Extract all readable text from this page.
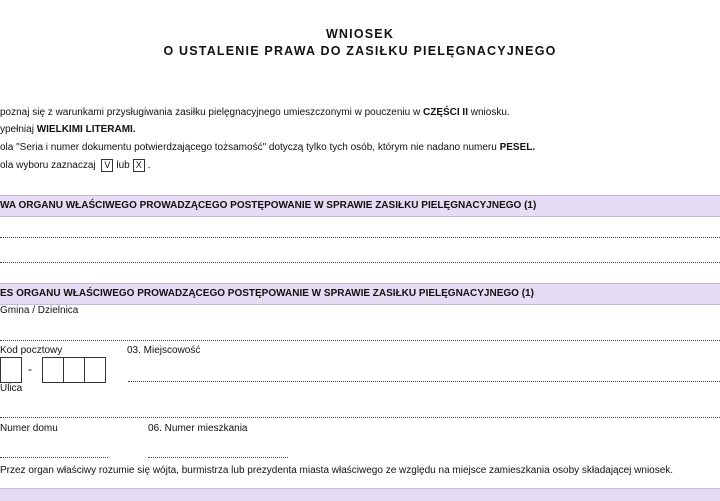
WNIOSEK
O USTALENIE PRAWA DO ZASIŁKU PIELĘGNACYJNEGO
poznaj się z warunkami przysługiwania zasiłku pielęgnacyjnego umieszczonymi w pouczeniu w CZĘŚCI II wniosku.
ypełniaj WIELKIMI LITERAMI.
ola "Seria i numer dokumentu potwierdzającego tożsamość" dotyczą tylko tych osób, którym nie nadano numeru PESEL.
ola wyboru zaznaczaj V lub X .
WA ORGANU WŁAŚCIWEGO PROWADZĄCEGO POSTĘPOWANIE W SPRAWIE ZASIŁKU PIELĘGNACYJNEGO (1)
ES ORGANU WŁAŚCIWEGO PROWADZĄCEGO POSTĘPOWANIE W SPRAWIE ZASIŁKU PIELĘGNACYJNEGO (1)
Gmina / Dzielnica
Kod pocztowy	03. Miejscowość
-
Ulica
Numer domu	06. Numer mieszkania
Przez organ właściwy rozumie się wójta, burmistrza lub prezydenta miasta właściwego ze względu na miejsce zamieszkania osoby składającej wniosek.
